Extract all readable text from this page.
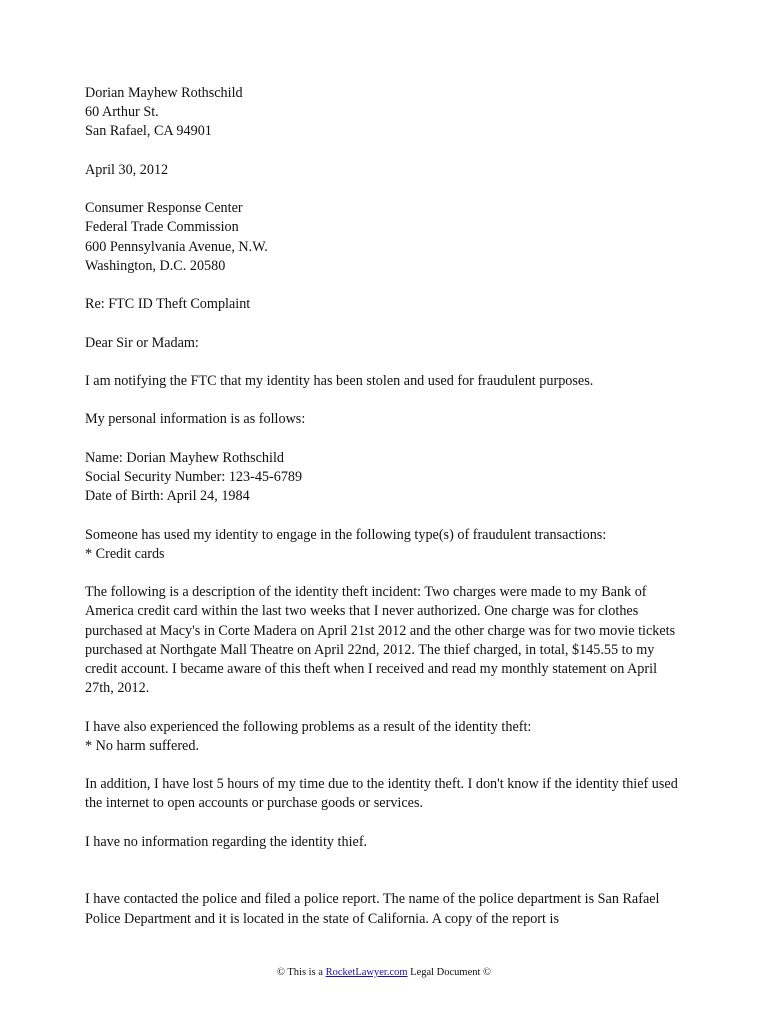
Dorian Mayhew Rothschild
60 Arthur St.
San Rafael, CA 94901
April 30, 2012
Consumer Response Center
Federal Trade Commission
600 Pennsylvania Avenue, N.W.
Washington, D.C. 20580
Re: FTC ID Theft Complaint
Dear Sir or Madam:
I am notifying the FTC that my identity has been stolen and used for fraudulent purposes.
My personal information is as follows:
Name: Dorian Mayhew Rothschild
Social Security Number: 123-45-6789
Date of Birth: April 24, 1984
Someone has used my identity to engage in the following type(s) of fraudulent transactions:
* Credit cards
The following is a description of the identity theft incident: Two charges were made to my Bank of America credit card within the last two weeks that I never authorized. One charge was for clothes purchased at Macy's in Corte Madera on April 21st 2012 and the other charge was for two movie tickets purchased at Northgate Mall Theatre on April 22nd, 2012. The thief charged, in total, $145.55 to my credit account. I became aware of this theft when I received and read my monthly statement on April 27th, 2012.
I have also experienced the following problems as a result of the identity theft:
* No harm suffered.
In addition, I have lost 5 hours of my time due to the identity theft. I don't know if the identity thief used the internet to open accounts or purchase goods or services.
I have no information regarding the identity thief.
I have contacted the police and filed a police report. The name of the police department is San Rafael Police Department and it is located in the state of California. A copy of the report is
© This is a RocketLawyer.com Legal Document ©
